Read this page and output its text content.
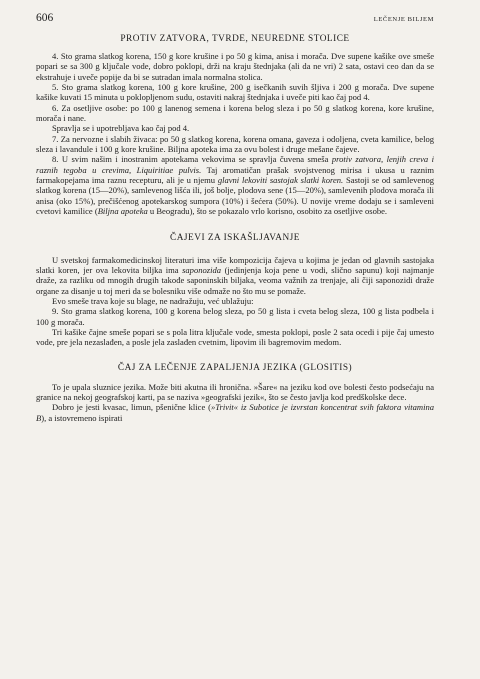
606	LEČENJE BILJEM
PROTIV ZATVORA, TVRDE, NEUREDNE STOLICE

4. Sto grama slatkog korena, 150 g kore krušine i po 50 g kima, anisa i morača. Dve supene kašike ove smeše popari se sa 300 g ključale vode, dobro poklopi, drži na kraju štednjaka (ali da ne vri) 2 sata, ostavi ceo dan da se ekstrahuje i uveče popije da bi se sutradan imala normalna stolica.

5. Sto grama slatkog korena, 100 g kore krušine, 200 g isečkanih suvih šljiva i 200 g morača. Dve supene kašike kuvati 15 minuta u poklopljenom sudu, ostaviti nakraj štednjaka i uveče piti kao čaj pod 4.

6. Za osetljive osobe: po 100 g lanenog semena i korena belog sleza i po 50 g slatkog korena, kore krušine, morača i nane.

Spravlja se i upotrebljava kao čaj pod 4.

7. Za nervozne i slabih živaca: po 50 g slatkog korena, korena omana, gaveza i odoljena, cveta kamilice, belog sleza i lavandule i 100 g kore krušine. Biljna apoteka ima za ovu bolest i druge mešane čajeve.

8. U svim našim i inostranim apotekama vekovima se spravlja čuvena smeša protiv zatvora, lenjih creva i raznih tegoba u crevima, Liquiritiae pulvis. Taj aromatičan prašak svojstvenog mirisa i ukusa u raznim farmakopejama ima raznu recepturu, ali je u njemu glavni lekoviti sastojak slatki koren. Sastoji se od samlevenog slatkog korena (15—20%), samlevenog lišća ili, još bolje, plodova sene (15—20%), samlevenih plodova morača ili anisa (oko 15%), prečišćenog apotekarskog sumpora (10%) i šećera (50%). U novije vreme dodaju se i samleveni cvetovi kamilice (Biljna apoteka u Beogradu), što se pokazalo vrlo korisno, osobito za osetljive osobe.

ČAJEVI ZA ISKAŠLJAVANJE

U svetskoj farmakomedicinskoj literaturi ima više kompozicija čajeva u kojima je jedan od glavnih sastojaka slatki koren, jer ova lekovita biljka ima saponozida (jedinjenja koja pene u vodi, slično sapunu) koji najmanje draže, za razliku od mnogih drugih takođe saponinskih biljaka, veoma važnih za trenjaje, ali čiji saponozidi draže organe za disanje u toj meri da se bolesniku više odmaže no što mu se pomaže.

Evo smeše trava koje su blage, ne nadražuju, već ublažuju:

9. Sto grama slatkog korena, 100 g korena belog sleza, po 50 g lista i cveta belog sleza, 100 g lista podbela i 100 g morača.

Tri kašike čajne smeše popari se s pola litra ključale vode, smesta poklopi, posle 2 sata ocedi i pije čaj umesto vode, pre jela nezaslađen, a posle jela zaslađen cvetnim, lipovim ili bagremovim medom.

ČAJ ZA LEČENJE ZAPALJENJA JEZIKA (GLOSITIS)

To je upala sluznice jezika. Može biti akutna ili hronična. »Šare« na jeziku kod ove bolesti često podsećaju na granice na nekoj geografskoj karti, pa se naziva »geografski jezik«, što se često javlja kod predškolske dece.

Dobro je jesti kvasac, limun, pšenične klice (»Trivit« iz Subotice je izvrstan koncentrat svih faktora vitamina B), a istovremeno ispirati
